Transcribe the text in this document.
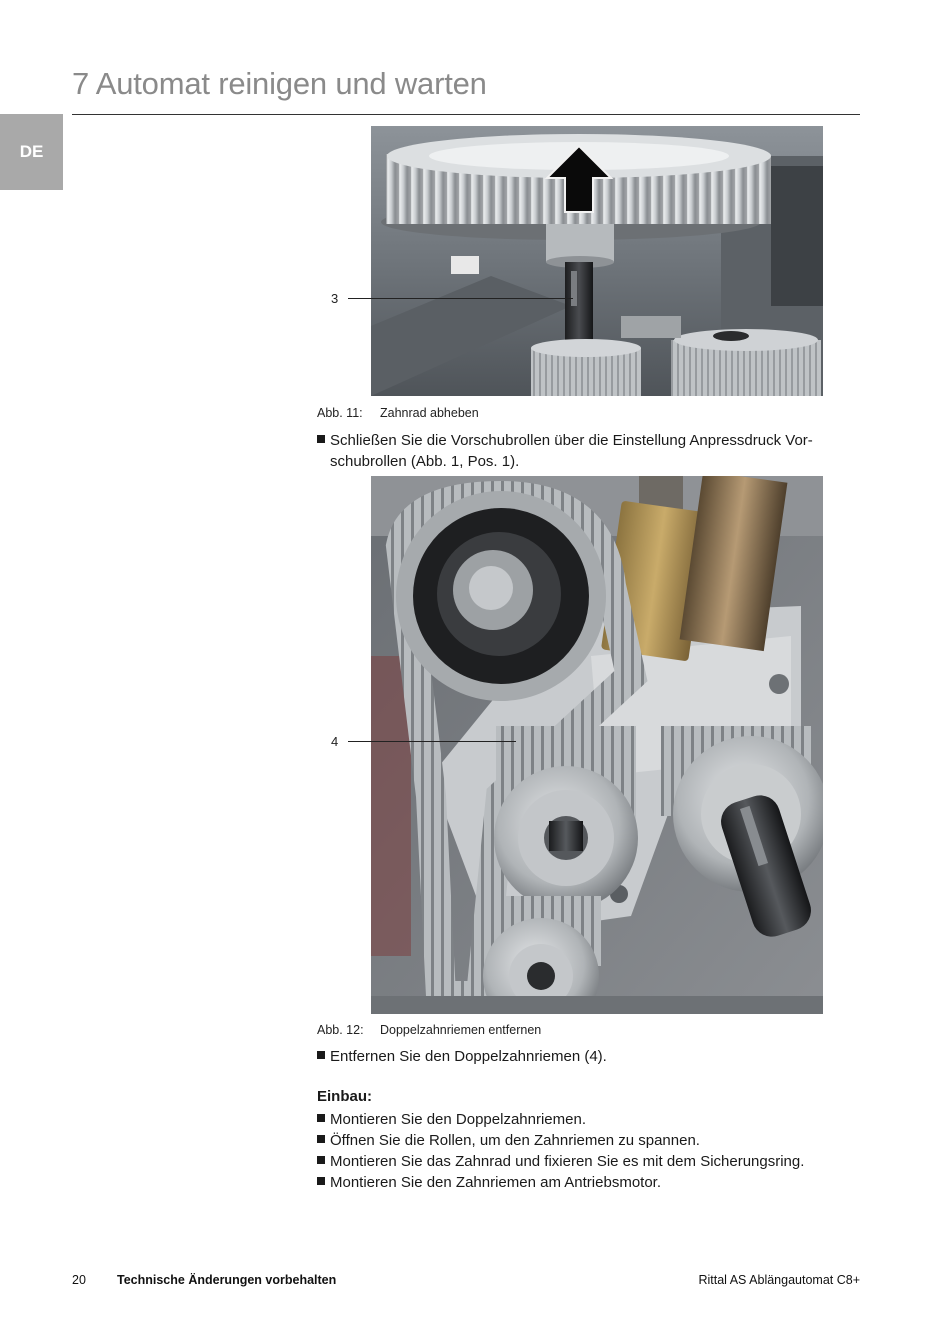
DE
7 Automat reinigen und warten
3
Abb. 11: Zahnrad abheben
Schließen Sie die Vorschubrollen über die Einstellung Anpressdruck Vor-
schubrollen (Abb. 1, Pos. 1).
4
Abb. 12: Doppelzahnriemen entfernen
Entfernen Sie den Doppelzahnriemen (4).
Einbau:
Montieren Sie den Doppelzahnriemen.
Öffnen Sie die Rollen, um den Zahnriemen zu spannen.
Montieren Sie das Zahnrad und fixieren Sie es mit dem Sicherungsring.
Montieren Sie den Zahnriemen am Antriebsmotor.
20 Technische Änderungen vorbehalten	Rittal AS Ablängautomat C8+
